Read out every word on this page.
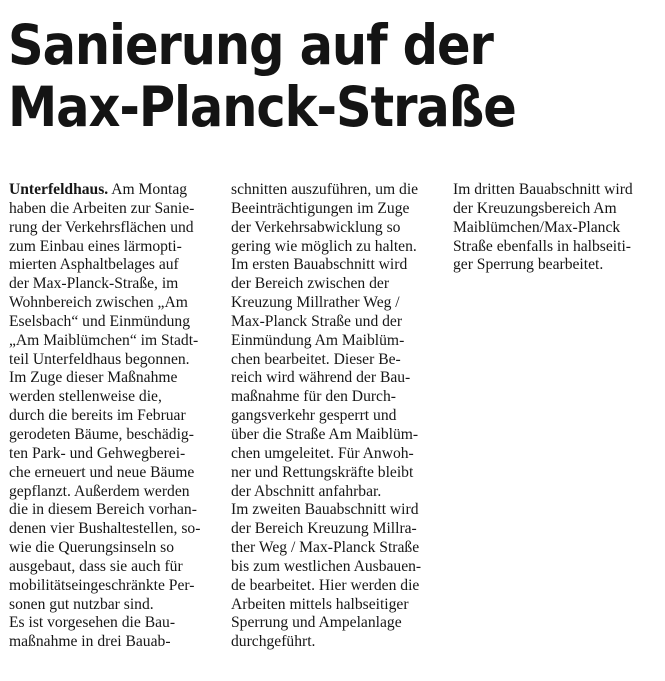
Sanierung auf der
Max-Planck-Straße
Unterfeldhaus. Am Montag
haben die Arbeiten zur Sanie-
rung der Verkehrsflächen und
zum Einbau eines lärmopti-
mierten Asphaltbelages auf
der Max-Planck-Straße, im
Wohnbereich zwischen „Am
Eselsbach“ und Einmündung
„Am Maiblümchen“ im Stadt-
teil Unterfeldhaus begonnen.
Im Zuge dieser Maßnahme
werden stellenweise die,
durch die bereits im Februar
gerodeten Bäume, beschädig-
ten Park- und Gehwegberei-
che erneuert und neue Bäume
gepflanzt. Außerdem werden
die in diesem Bereich vorhan-
denen vier Bushaltestellen, so-
wie die Querungsinseln so
ausgebaut, dass sie auch für
mobilitätseingeschränkte Per-
sonen gut nutzbar sind.
Es ist vorgesehen die Bau-
maßnahme in drei Bauab-
schnitten auszuführen, um die
Beeinträchtigungen im Zuge
der Verkehrsabwicklung so
gering wie möglich zu halten.
Im ersten Bauabschnitt wird
der Bereich zwischen der
Kreuzung Millrather Weg /
Max-Planck Straße und der
Einmündung Am Maiblüm-
chen bearbeitet. Dieser Be-
reich wird während der Bau-
maßnahme für den Durch-
gangsverkehr gesperrt und
über die Straße Am Maiblüm-
chen umgeleitet. Für Anwoh-
ner und Rettungskräfte bleibt
der Abschnitt anfahrbar.
Im zweiten Bauabschnitt wird
der Bereich Kreuzung Millra-
ther Weg / Max-Planck Straße
bis zum westlichen Ausbauen-
de bearbeitet. Hier werden die
Arbeiten mittels halbseitiger
Sperrung und Ampelanlage
durchgeführt.
Im dritten Bauabschnitt wird
der Kreuzungsbereich Am
Maiblümchen/Max-Planck
Straße ebenfalls in halbseiti-
ger Sperrung bearbeitet.
